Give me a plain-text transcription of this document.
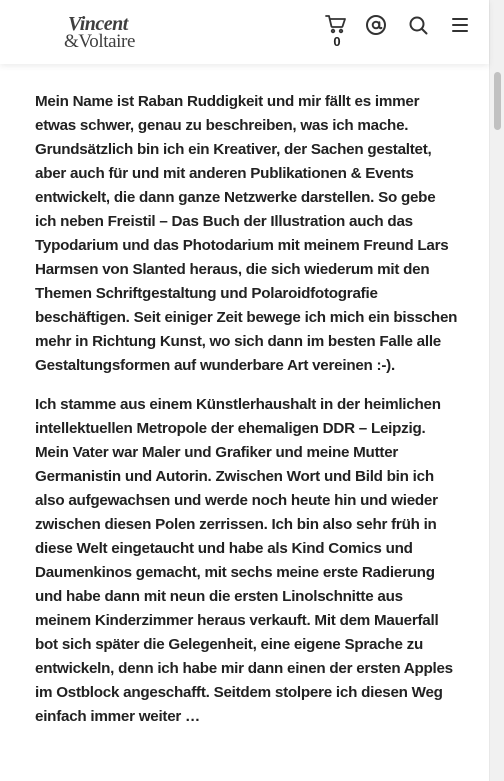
Vincent
&Voltaire	0

Mein Name ist Raban Ruddigkeit und mir fällt es immer etwas schwer, genau zu beschreiben, was ich mache. Grundsätzlich bin ich ein Kreativer, der Sachen gestaltet, aber auch für und mit anderen Publikationen & Events entwickelt, die dann ganze Netzwerke darstellen. So gebe ich neben Freistil – Das Buch der Illustration auch das Typodarium und das Photodarium mit meinem Freund Lars Harmsen von Slanted heraus, die sich wiederum mit den Themen Schriftgestaltung und Polaroidfotografie beschäftigen. Seit einiger Zeit bewege ich mich ein bisschen mehr in Richtung Kunst, wo sich dann im besten Falle alle Gestaltungsformen auf wunderbare Art vereinen :-).

Ich stamme aus einem Künstlerhaushalt in der heimlichen intellektuellen Metropole der ehemaligen DDR – Leipzig. Mein Vater war Maler und Grafiker und meine Mutter Germanistin und Autorin. Zwischen Wort und Bild bin ich also aufgewachsen und werde noch heute hin und wieder zwischen diesen Polen zerrissen. Ich bin also sehr früh in diese Welt eingetaucht und habe als Kind Comics und Daumenkinos gemacht, mit sechs meine erste Radierung und habe dann mit neun die ersten Linolschnitte aus meinem Kinderzimmer heraus verkauft. Mit dem Mauerfall bot sich später die Gelegenheit, eine eigene Sprache zu entwickeln, denn ich habe mir dann einen der ersten Apples im Ostblock angeschafft. Seitdem stolpere ich diesen Weg einfach immer weiter …
